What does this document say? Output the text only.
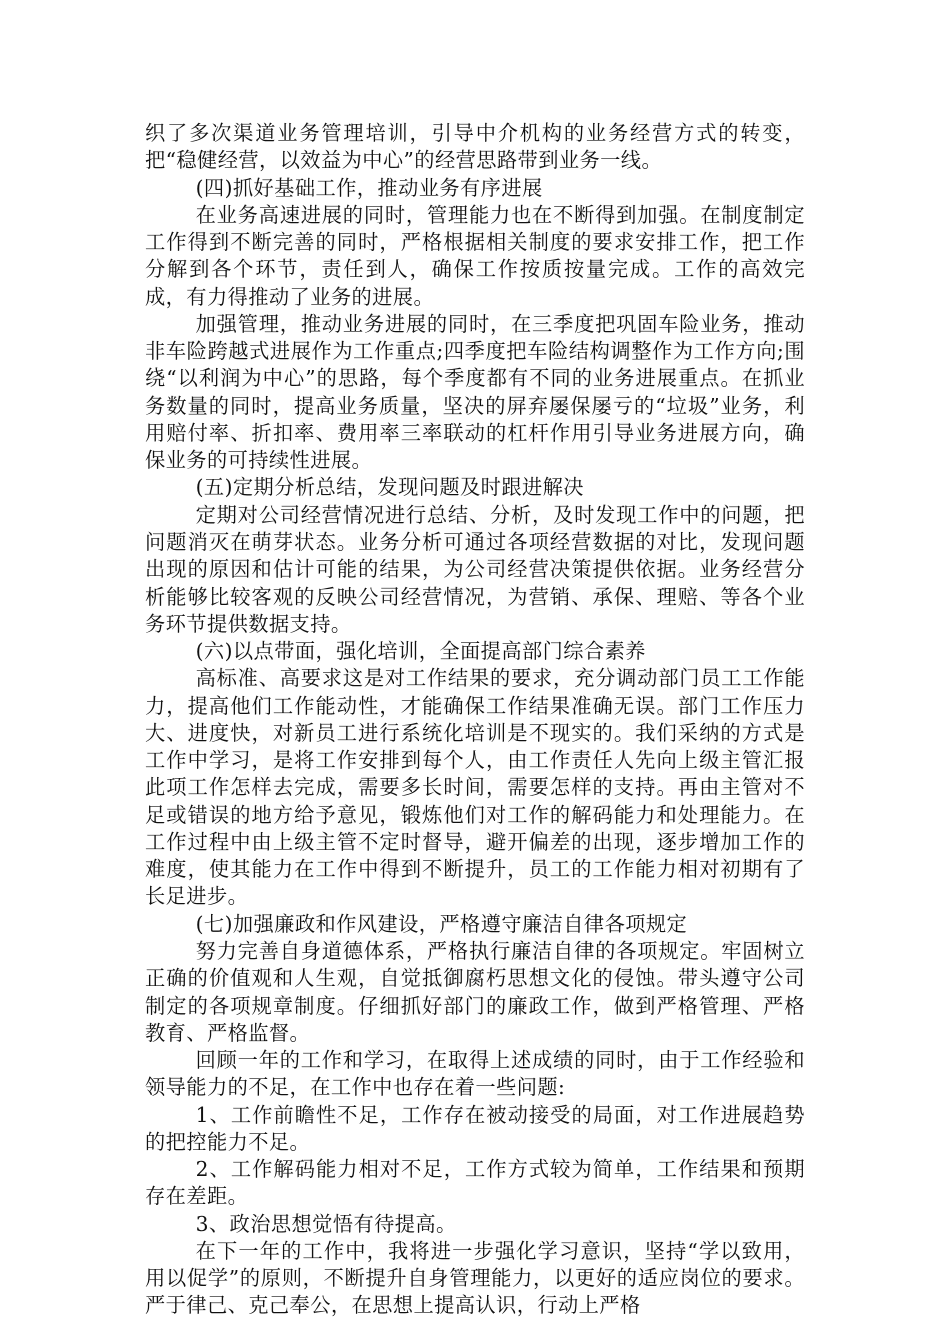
织了多次渠道业务管理培训，引导中介机构的业务经营方式的转变，把“稳健经营，以效益为中心”的经营思路带到业务一线。

(四)抓好基础工作，推动业务有序进展

在业务高速进展的同时，管理能力也在不断得到加强。在制度制定工作得到不断完善的同时，严格根据相关制度的要求安排工作，把工作分解到各个环节，责任到人，确保工作按质按量完成。工作的高效完成，有力得推动了业务的进展。

加强管理，推动业务进展的同时，在三季度把巩固车险业务，推动非车险跨越式进展作为工作重点;四季度把车险结构调整作为工作方向;围绕“以利润为中心”的思路，每个季度都有不同的业务进展重点。在抓业务数量的同时，提高业务质量，坚决的屏弃屡保屡亏的“垃圾”业务，利用赔付率、折扣率、费用率三率联动的杠杆作用引导业务进展方向，确保业务的可持续性进展。

(五)定期分析总结，发现问题及时跟进解决

定期对公司经营情况进行总结、分析，及时发现工作中的问题，把问题消灭在萌芽状态。业务分析可通过各项经营数据的对比，发现问题出现的原因和估计可能的结果，为公司经营决策提供依据。业务经营分析能够比较客观的反映公司经营情况，为营销、承保、理赔、等各个业务环节提供数据支持。

(六)以点带面，强化培训，全面提高部门综合素养

高标准、高要求这是对工作结果的要求，充分调动部门员工工作能力，提高他们工作能动性，才能确保工作结果准确无误。部门工作压力大、进度快，对新员工进行系统化培训是不现实的。我们采纳的方式是工作中学习，是将工作安排到每个人，由工作责任人先向上级主管汇报此项工作怎样去完成，需要多长时间，需要怎样的支持。再由主管对不足或错误的地方给予意见，锻炼他们对工作的解码能力和处理能力。在工作过程中由上级主管不定时督导，避开偏差的出现，逐步增加工作的难度，使其能力在工作中得到不断提升，员工的工作能力相对初期有了长足进步。

(七)加强廉政和作风建设，严格遵守廉洁自律各项规定

努力完善自身道德体系，严格执行廉洁自律的各项规定。牢固树立正确的价值观和人生观，自觉抵御腐朽思想文化的侵蚀。带头遵守公司制定的各项规章制度。仔细抓好部门的廉政工作，做到严格管理、严格教育、严格监督。

回顾一年的工作和学习，在取得上述成绩的同时，由于工作经验和领导能力的不足，在工作中也存在着一些问题:

1、工作前瞻性不足，工作存在被动接受的局面，对工作进展趋势的把控能力不足。

2、工作解码能力相对不足，工作方式较为简单，工作结果和预期存在差距。

3、政治思想觉悟有待提高。

在下一年的工作中，我将进一步强化学习意识，坚持“学以致用，用以促学”的原则，不断提升自身管理能力，以更好的适应岗位的要求。严于律己、克己奉公，在思想上提高认识，行动上严格
